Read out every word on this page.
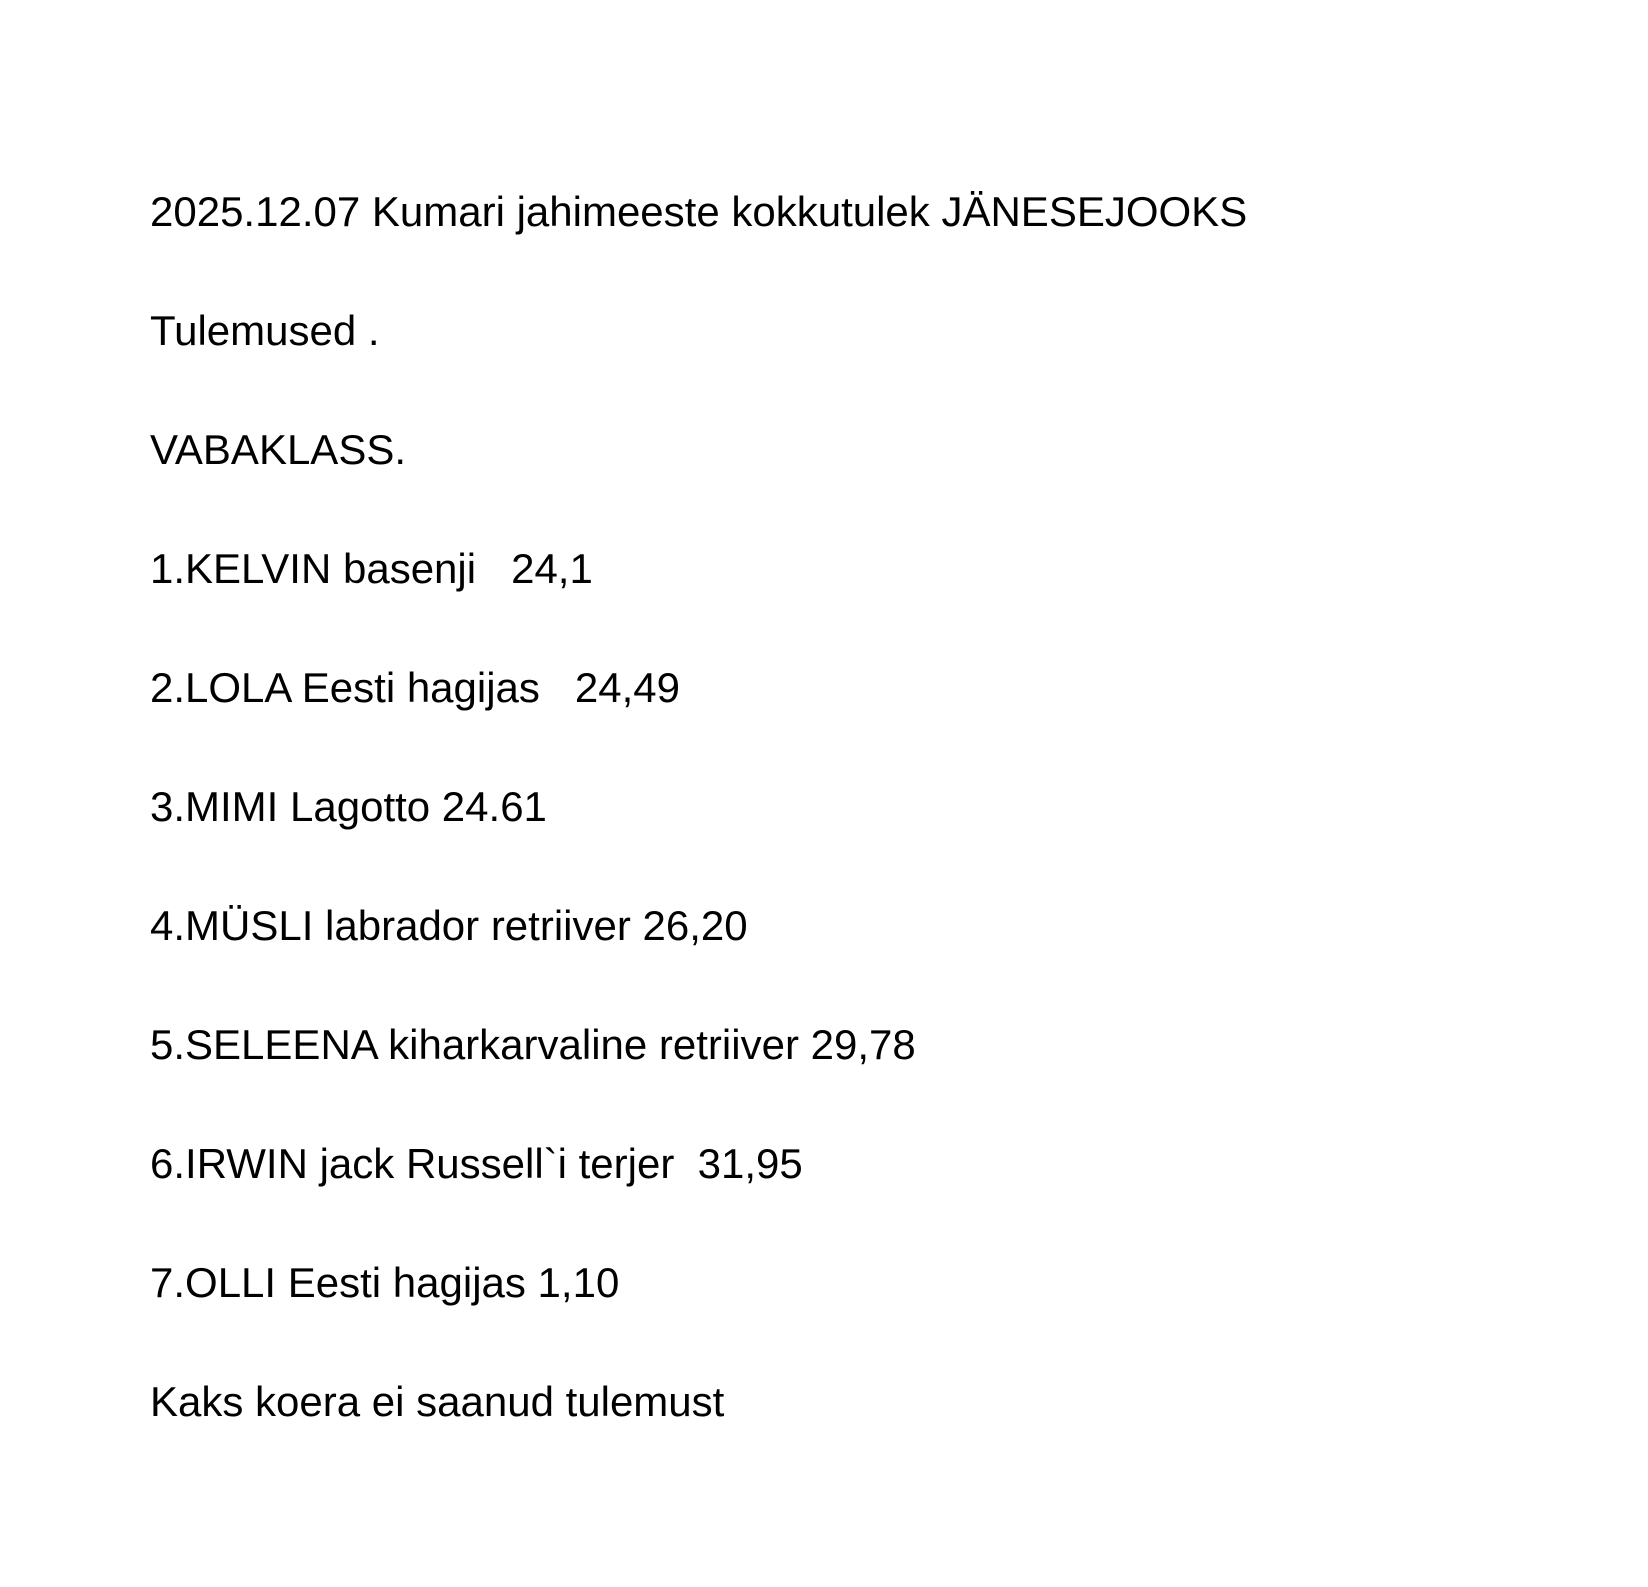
2025.12.07 Kumari jahimeeste kokkutulek JÄNESEJOOKS
Tulemused .
VABAKLASS.
1.KELVIN basenji   24,1
2.LOLA Eesti hagijas   24,49
3.MIMI Lagotto 24.61
4.MÜSLI labrador retriiver 26,20
5.SELEENA kiharkarvaline retriiver 29,78
6.IRWIN jack Russell`i terjer  31,95
7.OLLI Eesti hagijas 1,10
Kaks koera ei saanud tulemust
